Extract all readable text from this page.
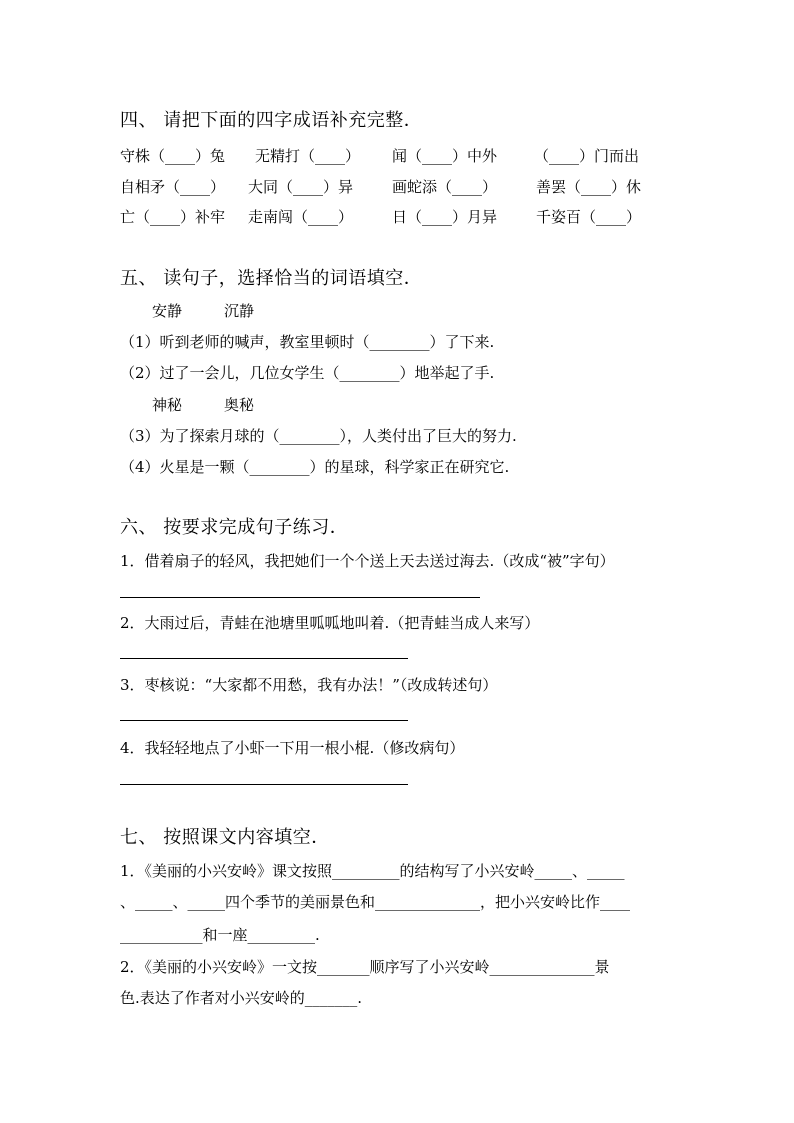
四、 请把下面的四字成语补充完整．
守株（____）兔 无精打（____） 闻（____）中外 （____）门而出
自相矛（____） 大同（____）异	画蛇添（____）	善罢（____）休
亡（____）补牢 走南闯（____）	日（____）月异	千姿百（____）
五、 读句子，选择恰当的词语填空．
安静	沉静
（1）听到老师的喊声，教室里顿时（________）了下来.
（2）过了一会儿，几位女学生（________）地举起了手.
神秘	奥秘
（3）为了探索月球的（________），人类付出了巨大的努力.
（4）火星是一颗（________）的星球，科学家正在研究它.
六、 按要求完成句子练习．
1．借着扇子的轻风，我把她们一个个送上天去送过海去.（改成“被”字句）
2．大雨过后，青蛙在池塘里呱呱地叫着.（把青蛙当成人来写）
3．枣核说：“大家都不用愁，我有办法！”（改成转述句）
4．我轻轻地点了小虾一下用一根小棍.（修改病句）
七、 按照课文内容填空．
1．《美丽的小兴安岭》课文按照_________的结构写了小兴安岭_____、_____
、_____、_____四个季节的美丽景色和______________，把小兴安岭比作____
___________和一座_________.
2．《美丽的小兴安岭》一文按_______顺序写了小兴安岭______________景
色.表达了作者对小兴安岭的_______.
